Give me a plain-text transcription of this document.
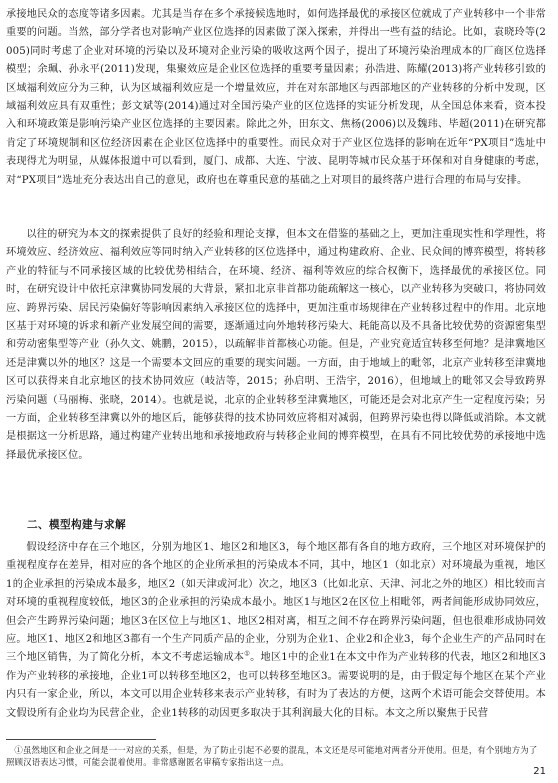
承接地民众的态度等诸多因素。尤其是当存在多个承接候选地时，如何选择最优的承接区位就成了产业转移中一个非常重要的问题。当然，部分学者也对影响产业区位选择的因素做了深入探索，并得出一些有益的结论。比如，袁晓玲等(2005)同时考虑了企业对环境的污染以及环境对企业污染的吸收这两个因子，提出了环境污染治理成本的厂商区位选择模型；余珮、孙永平(2011)发现，集聚效应是企业区位选择的重要考量因素；孙浩进、陈耀(2013)将产业转移引致的区域福利效应分为三种，认为区域福利效应是一个增量效应，并在对东部地区与西部地区的产业转移的分析中发现，区域福利效应具有双重性；彭文斌等(2014)通过对全国污染产业的区位选择的实证分析发现，从全国总体来看，资本投入和环境政策是影响污染产业区位选择的主要因素。除此之外，田东文、焦杨(2006)以及魏玮、毕超(2011)在研究都肯定了环境规制和区位经济因素在企业区位选择中的重要性。而民众对于产业区位选择的影响在近年“PX项目”选址中表现得尤为明显，从媒体报道中可以看到，厦门、成都、大连、宁波、昆明等城市民众基于环保和对自身健康的考虑，对“PX项目”选址充分表达出自己的意见，政府也在尊重民意的基础之上对项目的最终落户进行合理的布局与安排。

以往的研究为本文的探索提供了良好的经验和理论支撑，但本文在借鉴的基础之上，更加注重现实性和学理性，将环境效应、经济效应、福利效应等同时纳入产业转移的区位选择中，通过构建政府、企业、民众间的博弈模型，将转移产业的特征与不同承接区域的比较优势相结合，在环境、经济、福利等效应的综合权衡下，选择最优的承接区位。同时，在研究设计中依托京津冀协同发展的大背景，紧扣北京非首都功能疏解这一核心，以产业转移为突破口，将协同效应、跨界污染、居民污染偏好等影响因素纳入承接区位的选择中，更加注重市场规律在产业转移过程中的作用。北京地区基于对环境的诉求和新产业发展空间的需要，逐渐通过向外地转移污染大、耗能高以及不具备比较优势的资源密集型和劳动密集型等产业（孙久文、姚鹏，2015），以疏解非首都核心功能。但是，产业究竟适宜转移至何地？是津冀地区还是津冀以外的地区？这是一个需要本文回应的重要的现实问题。一方面，由于地域上的毗邻，北京产业转移至津冀地区可以获得来自北京地区的技术协同效应（岐洁等，2015；孙启明、王浩宇，2016），但地域上的毗邻又会导致跨界污染问题（马丽梅、张晓，2014）。也就是说，北京的企业转移至津冀地区，可能还是会对北京产生一定程度污染；另一方面，企业转移至津冀以外的地区后，能够获得的技术协同效应将相对减弱，但跨界污染也得以降低或消除。本文就是根据这一分析思路，通过构建产业转出地和承接地政府与转移企业间的博弈模型，在具有不同比较优势的承接地中选择最优承接区位。

二、模型构建与求解

假设经济中存在三个地区，分别为地区1、地区2和地区3，每个地区都有各自的地方政府，三个地区对环境保护的重视程度存在差异，相对应的各个地区的企业所承担的污染成本不同，其中，地区1（如北京）对环境最为重视，地区1的企业承担的污染成本最多，地区2（如天津或河北）次之，地区3（比如北京、天津、河北之外的地区）相比较而言对环境的重视程度较低，地区3的企业承担的污染成本最小。地区1与地区2在区位上相毗邻，两者间能形成协同效应，但会产生跨界污染问题；地区3在区位上与地区1、地区2相对离，相互之间不存在跨界污染问题，但也很难形成协同效应。地区1、地区2和地区3都有一个生产同质产品的企业，分别为企业1、企业2和企业3，每个企业生产的产品同时在三个地区销售，为了简化分析，本文不考虑运输成本①。地区1中的企业1在本文中作为产业转移的代表，地区2和地区3作为产业转移的承接地，企业1可以转移至地区2，也可以转移至地区3。需要说明的是，由于假定每个地区在某个产业内只有一家企业，所以，本文可以用企业转移来表示产业转移，有时为了表达的方便，这两个术语可能会交替使用。本文假设所有企业均为民营企业，企业1转移的动因更多取决于其利润最大化的目标。本文之所以聚焦于民营

①虽然地区和企业之间是一一对应的关系，但是，为了防止引起不必要的混乱，本文还是尽可能地对两者分开使用。但是，有个别地方为了照顾汉语表达习惯，可能会混着使用。非常感谢匿名审稿专家指出这一点。

21
